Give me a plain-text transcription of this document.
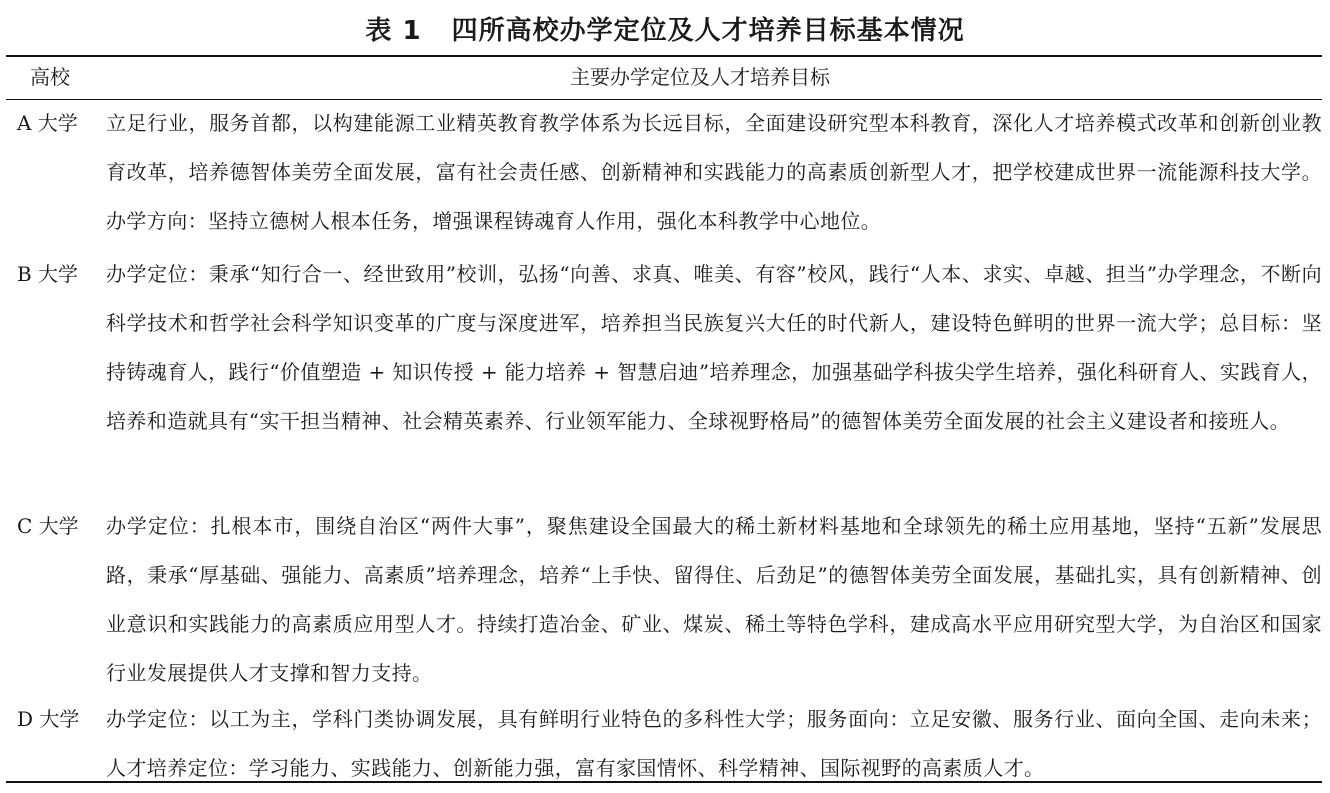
表 1 四所高校办学定位及人才培养目标基本情况
高校	主要办学定位及人才培养目标
A 大学 立足行业，服务首都，以构建能源工业精英教育教学体系为长远目标，全面建设研究型本科教育，深化人才培养模式改革和创新创业教育改革，培养德智体美劳全面发展，富有社会责任感、创新精神和实践能力的高素质创新型人才，把学校建成世界一流能源科技大学。办学方向：坚持立德树人根本任务，增强课程铸魂育人作用，强化本科教学中心地位。
B 大学 办学定位：秉承“知行合一、经世致用”校训，弘扬“向善、求真、唯美、有容”校风，践行“人本、求实、卓越、担当”办学理念，不断向科学技术和哲学社会科学知识变革的广度与深度进军，培养担当民族复兴大任的时代新人，建设特色鲜明的世界一流大学；总目标：坚持铸魂育人，践行“价值塑造 + 知识传授 + 能力培养 + 智慧启迪”培养理念，加强基础学科拔尖学生培养，强化科研育人、实践育人，培养和造就具有“实干担当精神、社会精英素养、行业领军能力、全球视野格局”的德智体美劳全面发展的社会主义建设者和接班人。
C 大学 办学定位：扎根本市，围绕自治区“两件大事”，聚焦建设全国最大的稀土新材料基地和全球领先的稀土应用基地，坚持“五新”发展思路，秉承“厚基础、强能力、高素质”培养理念，培养“上手快、留得住、后劲足”的德智体美劳全面发展，基础扎实，具有创新精神、创业意识和实践能力的高素质应用型人才。持续打造冶金、矿业、煤炭、稀土等特色学科，建成高水平应用研究型大学，为自治区和国家行业发展提供人才支撑和智力支持。
D 大学 办学定位：以工为主，学科门类协调发展，具有鲜明行业特色的多科性大学；服务面向：立足安徽、服务行业、面向全国、走向未来；人才培养定位：学习能力、实践能力、创新能力强，富有家国情怀、科学精神、国际视野的高素质人才。
